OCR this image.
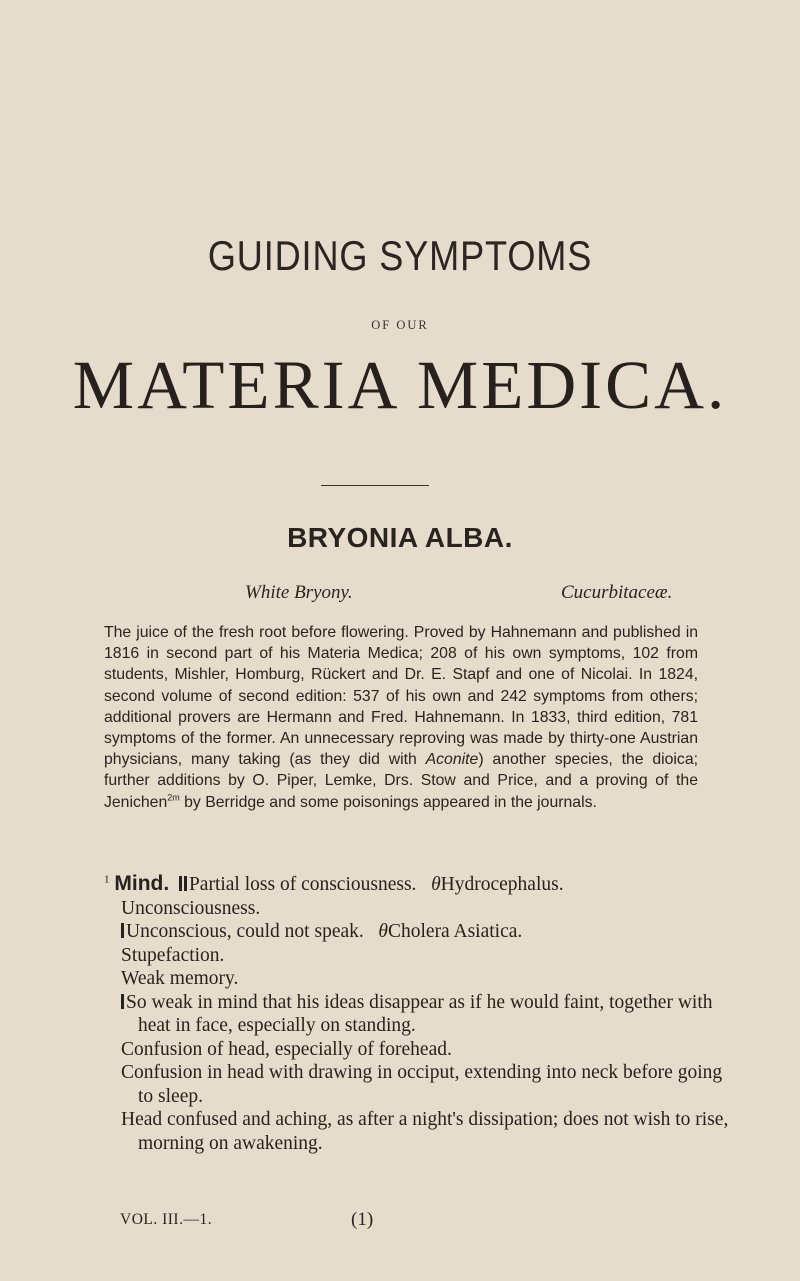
GUIDING SYMPTOMS
OF OUR
MATERIA MEDICA.
BRYONIA ALBA.
White Bryony.	Cucurbitaceæ.
The juice of the fresh root before flowering. Proved by Hahnemann and published in 1816 in second part of his Materia Medica; 208 of his own symptoms, 102 from students, Mishler, Homburg, Rückert and Dr. E. Stapf and one of Nicolai. In 1824, second volume of second edition: 537 of his own and 242 symptoms from others; additional provers are Hermann and Fred. Hahnemann. In 1833, third edition, 781 symptoms of the former. An unnecessary reproving was made by thirty-one Austrian physicians, many taking (as they did with Aconite) another species, the dioica; further additions by O. Piper, Lemke, Drs. Stow and Price, and a proving of the Jenichen$^{2m}$ by Berridge and some poisonings appeared in the journals.
$^1$ Mind. Partial loss of consciousness. θHydrocephalus.
Unconsciousness.
Unconscious, could not speak. θCholera Asiatica.
Stupefaction.
Weak memory.
So weak in mind that his ideas disappear as if he would faint, together with heat in face, especially on standing.
Confusion of head, especially of forehead.
Confusion in head with drawing in occiput, extending into neck before going to sleep.
Head confused and aching, as after a night's dissipation; does not wish to rise, morning on awakening.
VOL. III.—1.	(1)
